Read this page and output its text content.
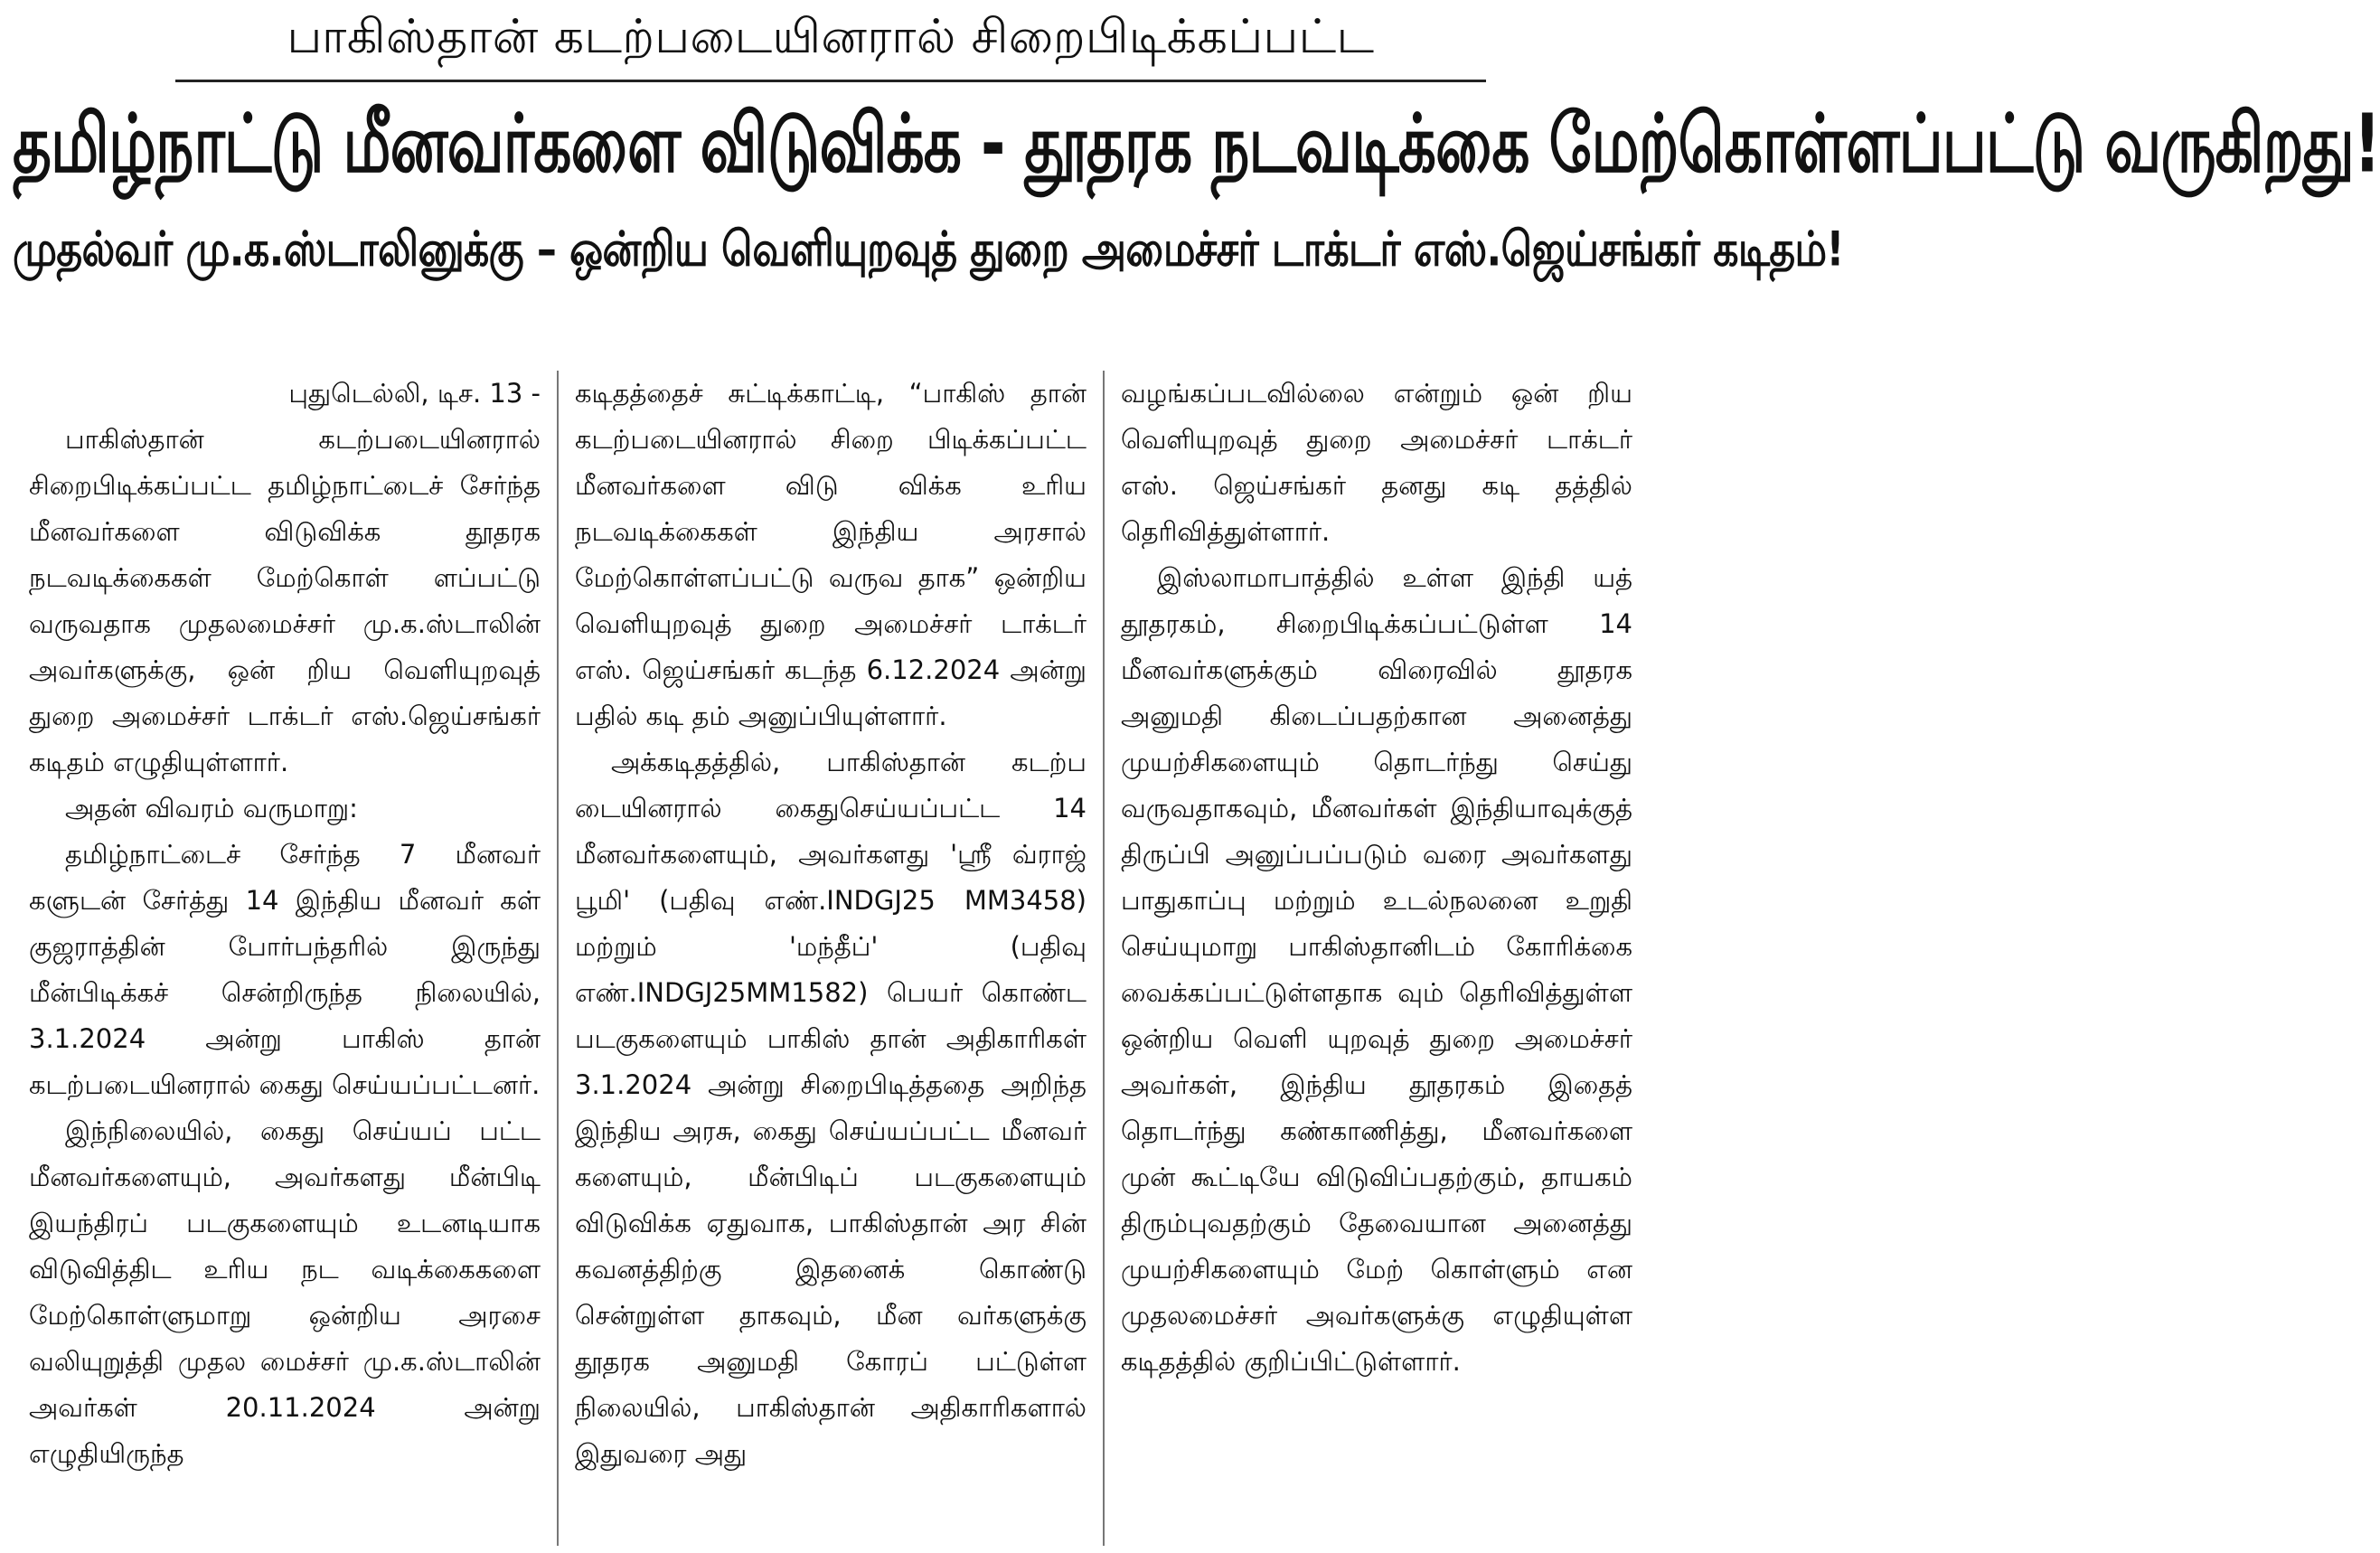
பாகிஸ்தான் கடற்படையினரால் சிறைபிடிக்கப்பட்ட
தமிழ்நாட்டு மீனவர்களை விடுவிக்க - தூதரக நடவடிக்கை மேற்கொள்ளப்பட்டு வருகிறது!
முதல்வர் மு.க.ஸ்டாலினுக்கு – ஒன்றிய வெளியுறவுத் துறை அமைச்சர் டாக்டர் எஸ்.ஜெய்சங்கர் கடிதம்!

புதுடெல்லி, டிச. 13 -

பாகிஸ்தான் கடற்படையினரால் சிறைபிடிக்கப்பட்ட தமிழ்நாட்டைச் சேர்ந்த மீனவர்களை விடுவிக்க தூதரக நடவடிக்கைகள் மேற்கொள் ளப்பட்டு வருவதாக முதலமைச்சர் மு.க.ஸ்டாலின் அவர்களுக்கு, ஒன் றிய வெளியுறவுத் துறை அமைச்சர் டாக்டர் எஸ்.ஜெய்சங்கர் கடிதம் எழுதியுள்ளார்.

அதன் விவரம் வருமாறு:

தமிழ்நாட்டைச் சேர்ந்த 7 மீனவர் களுடன் சேர்த்து 14 இந்திய மீனவர் கள் குஜராத்தின் போர்பந்தரில் இருந்து மீன்பிடிக்கச் சென்றிருந்த நிலையில், 3.1.2024 அன்று பாகிஸ் தான் கடற்படையினரால் கைது செய்யப்பட்டனர்.

இந்நிலையில், கைது செய்யப் பட்ட மீனவர்களையும், அவர்களது மீன்பிடி இயந்திரப் படகுகளையும் உடனடியாக விடுவித்திட உரிய நட வடிக்கைகளை மேற்கொள்ளுமாறு ஒன்றிய அரசை வலியுறுத்தி முதல மைச்சர் மு.க.ஸ்டாலின் அவர்கள் 20.11.2024 அன்று எழுதியிருந்த

கடிதத்தைச் சுட்டிக்காட்டி, “பாகிஸ் தான் கடற்படையினரால் சிறை பிடிக்கப்பட்ட மீனவர்களை விடு விக்க உரிய நடவடிக்கைகள் இந்திய அரசால் மேற்கொள்ளப்பட்டு வருவ தாக” ஒன்றிய வெளியுறவுத் துறை அமைச்சர் டாக்டர் எஸ். ஜெய்சங்கர் கடந்த 6.12.2024 அன்று பதில் கடி தம் அனுப்பியுள்ளார்.

அக்கடிதத்தில், பாகிஸ்தான் கடற்ப டையினரால் கைதுசெய்யப்பட்ட 14 மீனவர்களையும், அவர்களது 'ஸ்ரீ வ்ராஜ் பூமி' (பதிவு எண்.INDGJ25 MM3458) மற்றும் 'மந்தீப்' (பதிவு எண்.INDGJ25MM1582) பெயர் கொண்ட படகுகளையும் பாகிஸ் தான் அதிகாரிகள் 3.1.2024 அன்று சிறைபிடித்ததை அறிந்த இந்திய அரசு, கைது செய்யப்பட்ட மீனவர் களையும், மீன்பிடிப் படகுகளையும் விடுவிக்க ஏதுவாக, பாகிஸ்தான் அர சின் கவனத்திற்கு இதனைக் கொண்டு சென்றுள்ள தாகவும், மீன வர்களுக்கு தூதரக அனுமதி கோரப் பட்டுள்ள நிலையில், பாகிஸ்தான் அதிகாரிகளால் இதுவரை அது

வழங்கப்படவில்லை என்றும் ஒன் றிய வெளியுறவுத் துறை அமைச்சர் டாக்டர் எஸ். ஜெய்சங்கர் தனது கடி தத்தில் தெரிவித்துள்ளார்.

இஸ்லாமாபாத்தில் உள்ள இந்தி யத் தூதரகம், சிறைபிடிக்கப்பட்டுள்ள 14 மீனவர்களுக்கும் விரைவில் தூதரக அனுமதி கிடைப்பதற்கான அனைத்து முயற்சிகளையும் தொடர்ந்து செய்து வருவதாகவும், மீனவர்கள் இந்தியாவுக்குத் திருப்பி அனுப்பப்படும் வரை அவர்களது பாதுகாப்பு மற்றும் உடல்நலனை உறுதி செய்யுமாறு பாகிஸ்தானிடம் கோரிக்கை வைக்கப்பட்டுள்ளதாக வும் தெரிவித்துள்ள ஒன்றிய வெளி யுறவுத் துறை அமைச்சர் அவர்கள், இந்திய தூதரகம் இதைத் தொடர்ந்து கண்காணித்து, மீனவர்களை முன் கூட்டியே விடுவிப்பதற்கும், தாயகம் திரும்புவதற்கும் தேவையான அனைத்து முயற்சிகளையும் மேற் கொள்ளும் என முதலமைச்சர் அவர்களுக்கு எழுதியுள்ள கடிதத்தில் குறிப்பிட்டுள்ளார்.
